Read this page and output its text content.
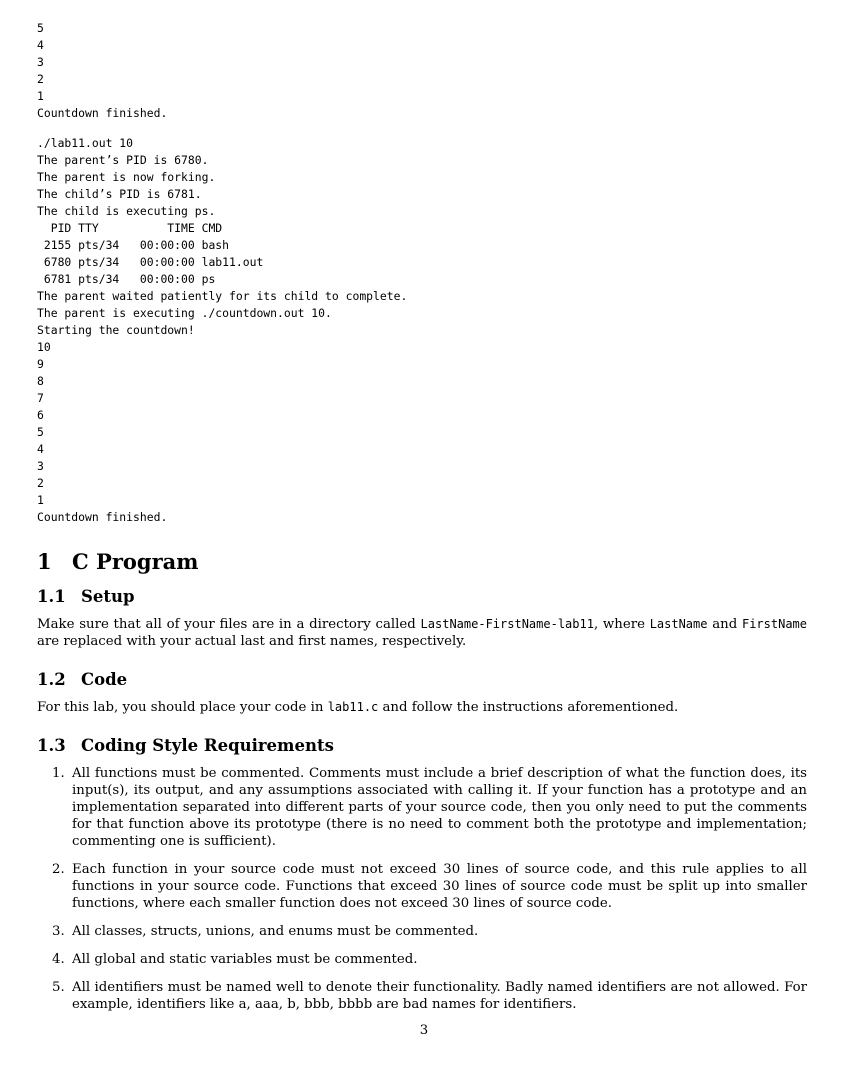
5
4
3
2
1
Countdown finished.
./lab11.out 10
The parent’s PID is 6780.
The parent is now forking.
The child’s PID is 6781.
The child is executing ps.
PID TTY          TIME CMD
2155 pts/34   00:00:00 bash
6780 pts/34   00:00:00 lab11.out
6781 pts/34   00:00:00 ps
The parent waited patiently for its child to complete.
The parent is executing ./countdown.out 10.
Starting the countdown!
10
9
8
7
6
5
4
3
2
1
Countdown finished.
1 C Program
1.1 Setup

Make sure that all of your files are in a directory called LastName-FirstName-lab11, where LastName and FirstName are replaced with your actual last and first names, respectively.

1.2 Code

For this lab, you should place your code in lab11.c and follow the instructions aforementioned.

1.3 Coding Style Requirements
1. All functions must be commented. Comments must include a brief description of what the function does, its input(s), its output, and any assumptions associated with calling it. If your function has a prototype and an implementation separated into different parts of your source code, then you only need to put the comments for that function above its prototype (there is no need to comment both the prototype and implementation; commenting one is sufficient).
2. Each function in your source code must not exceed 30 lines of source code, and this rule applies to all functions in your source code. Functions that exceed 30 lines of source code must be split up into smaller functions, where each smaller function does not exceed 30 lines of source code.
3. All classes, structs, unions, and enums must be commented.
4. All global and static variables must be commented.
5. All identifiers must be named well to denote their functionality. Badly named identifiers are not allowed. For example, identifiers like a, aaa, b, bbb, bbbb are bad names for identifiers.
3
